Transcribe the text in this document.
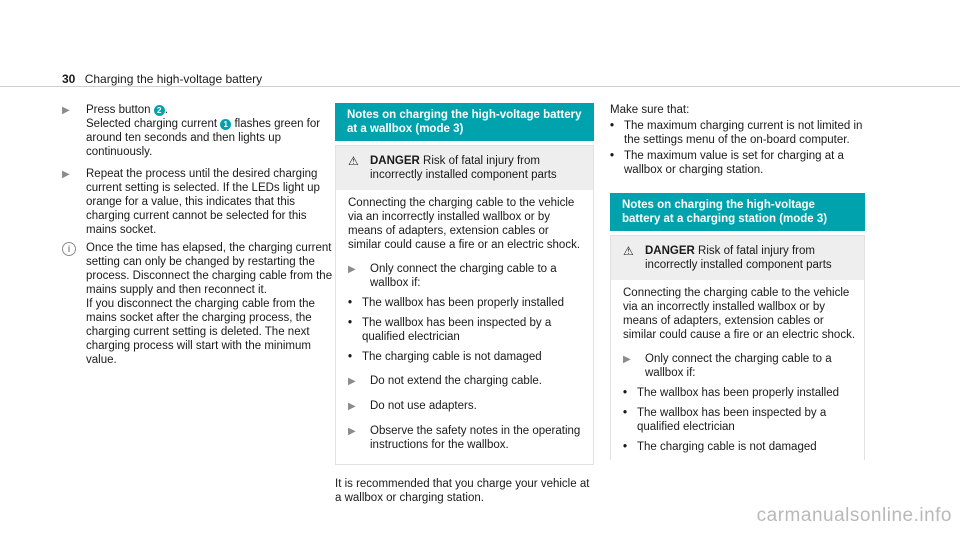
30 Charging the high-voltage battery
▶	Press button 2 .
Selected charging current 1 flashes green for around ten seconds and then lights up continuously.
▶	Repeat the process until the desired charging current setting is selected. If the LEDs light up orange for a value, this indicates that this charging current cannot be selected for this mains socket.
i	Once the time has elapsed, the charging current setting can only be changed by restarting the process. Disconnect the charging cable from the mains supply and then reconnect it.
If you disconnect the charging cable from the mains socket after the charging process, the charging current setting is deleted. The next charging process will start with the minimum value.
Notes on charging the high-voltage battery at a wallbox (mode 3)
⚠ DANGER Risk of fatal injury from incorrectly installed component parts
Connecting the charging cable to the vehicle via an incorrectly installed wallbox or by means of adapters, extension cables or similar could cause a fire or an electric shock.
▶	Only connect the charging cable to a wallbox if:
• The wallbox has been properly installed
• The wallbox has been inspected by a qualified electrician
• The charging cable is not damaged
▶	Do not extend the charging cable.
▶	Do not use adapters.
▶	Observe the safety notes in the operating instructions for the wallbox.
It is recommended that you charge your vehicle at a wallbox or charging station.
Make sure that:
• The maximum charging current is not limited in the settings menu of the on-board computer.
• The maximum value is set for charging at a wallbox or charging station.
Notes on charging the high-voltage battery at a charging station (mode 3)
⚠ DANGER Risk of fatal injury from incorrectly installed component parts
Connecting the charging cable to the vehicle via an incorrectly installed wallbox or by means of adapters, extension cables or similar could cause a fire or an electric shock.
▶	Only connect the charging cable to a wallbox if:
• The wallbox has been properly installed
• The wallbox has been inspected by a qualified electrician
• The charging cable is not damaged
carmanualsonline.info
